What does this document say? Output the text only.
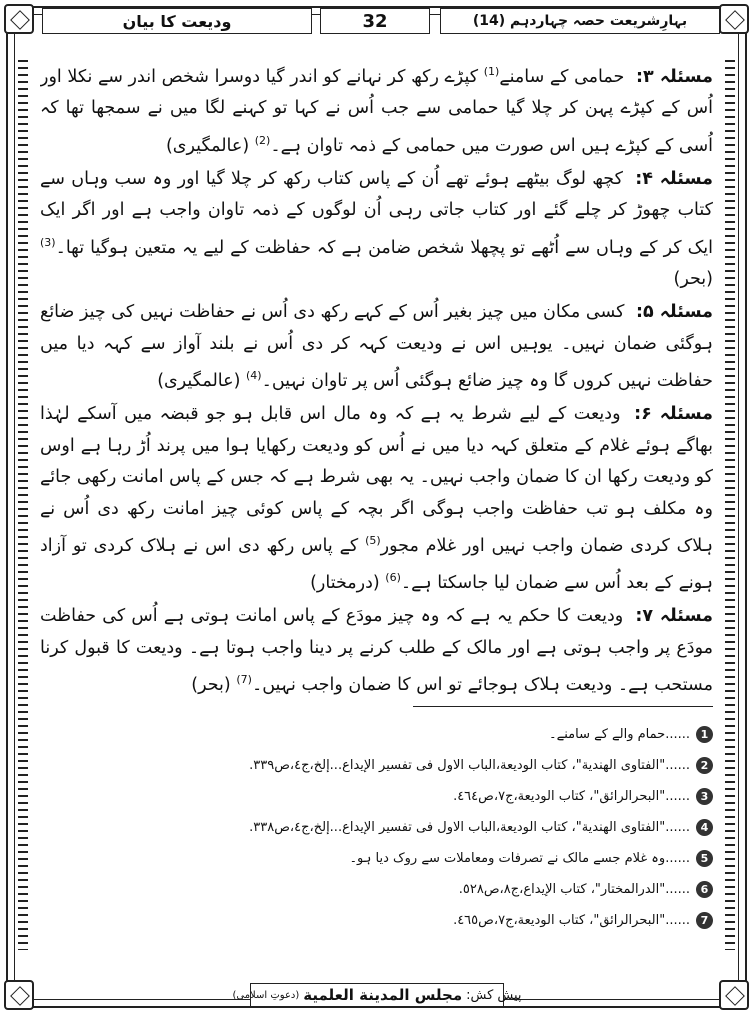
بہارِشریعت حصہ چہاردہم (14)
32
ودیعت کا بیان

مسئلہ ۳: حمامی کے سامنے$^{(1)}$ کپڑے رکھ کر نہانے کو اندر گیا دوسرا شخص اندر سے نکلا اور اُس کے کپڑے پہن کر چلا گیا حمامی سے جب اُس نے کہا تو کہنے لگا میں نے سمجھا تھا کہ اُسی کے کپڑے ہیں اس صورت میں حمامی کے ذمہ تاوان ہے۔$^{(2)}$ (عالمگیری)

مسئلہ ۴: کچھ لوگ بیٹھے ہوئے تھے اُن کے پاس کتاب رکھ کر چلا گیا اور وہ سب وہاں سے کتاب چھوڑ کر چلے گئے اور کتاب جاتی رہی اُن لوگوں کے ذمہ تاوان واجب ہے اور اگر ایک ایک کر کے وہاں سے اُٹھے تو پچھلا شخص ضامن ہے کہ حفاظت کے لیے یہ متعین ہوگیا تھا۔$^{(3)}$ (بحر)

مسئلہ ۵: کسی مکان میں چیز بغیر اُس کے کہے رکھ دی اُس نے حفاظت نہیں کی چیز ضائع ہوگئی ضمان نہیں۔ یوہیں اس نے ودیعت کہہ کر دی اُس نے بلند آواز سے کہہ دیا میں حفاظت نہیں کروں گا وہ چیز ضائع ہوگئی اُس پر تاوان نہیں۔$^{(4)}$ (عالمگیری)

مسئلہ ۶: ودیعت کے لیے شرط یہ ہے کہ وہ مال اس قابل ہو جو قبضہ میں آسکے لہٰذا بھاگے ہوئے غلام کے متعلق کہہ دیا میں نے اُس کو ودیعت رکھایا ہوا میں پرند اُڑ رہا ہے اوس کو ودیعت رکھا ان کا ضمان واجب نہیں۔ یہ بھی شرط ہے کہ جس کے پاس امانت رکھی جائے وہ مکلف ہو تب حفاظت واجب ہوگی اگر بچہ کے پاس کوئی چیز امانت رکھ دی اُس نے ہلاک کردی ضمان واجب نہیں اور غلام مجور$^{(5)}$ کے پاس رکھ دی اس نے ہلاک کردی تو آزاد ہونے کے بعد اُس سے ضمان لیا جاسکتا ہے۔$^{(6)}$ (درمختار)

مسئلہ ۷: ودیعت کا حکم یہ ہے کہ وہ چیز مودَع کے پاس امانت ہوتی ہے اُس کی حفاظت مودَع پر واجب ہوتی ہے اور مالک کے طلب کرنے پر دینا واجب ہوتا ہے۔ ودیعت کا قبول کرنا مستحب ہے۔ ودیعت ہلاک ہوجائے تو اس کا ضمان واجب نہیں۔$^{(7)}$ (بحر)

1
......حمام والے کے سامنے۔
2
......"الفتاوی الهندية"، كتاب الوديعة،الباب الاول فی تفسير الإيداع...إلخ،ج٤،ص٣٣٩.
3
......"البحرالرائق"، كتاب الوديعة،ج٧،ص٤٦٤.
4
......"الفتاوی الهندية"، كتاب الوديعة،الباب الاول فی تفسير الإيداع...إلخ،ج٤،ص٣٣٨.
5
......وہ غلام جسے مالک نے تصرفات ومعاملات سے روک دیا ہو۔
6
......"الدرالمختار"، كتاب الإيداع،ج٨،ص٥٢٨.
7
......"البحرالرائق"، كتاب الوديعة،ج٧،ص٤٦٥.
پیش کش:
مجلس المدينة العلمية
(دعوتِ اسلامی)
